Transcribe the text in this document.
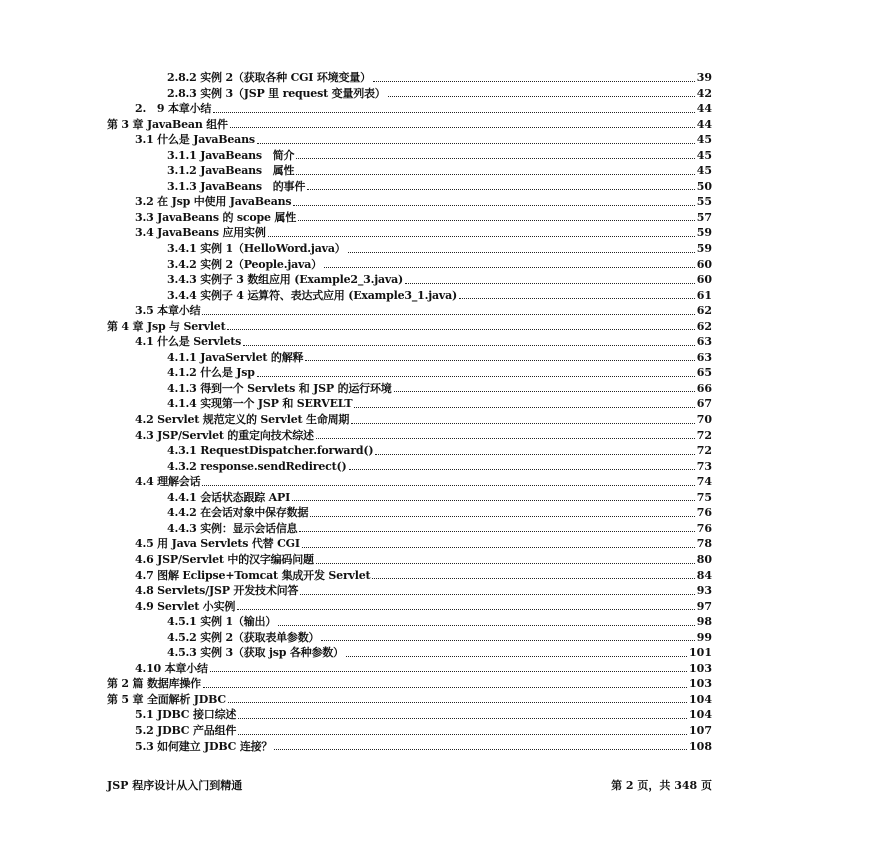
2.8.2 实例 2（获取各种 CGI 环境变量）	39
2.8.3 实例 3（JSP 里 request 变量列表）	42
2.　9 本章小结	44
第 3 章 JavaBean 组件	44
3.1 什么是 JavaBeans	45
3.1.1 JavaBeans　简介	45
3.1.2 JavaBeans　属性	45
3.1.3 JavaBeans　的事件	50
3.2 在 Jsp 中使用 JavaBeans	55
3.3 JavaBeans 的 scope 属性	57
3.4 JavaBeans 应用实例	59
3.4.1 实例 1（HelloWord.java）	59
3.4.2 实例 2（People.java）	60
3.4.3 实例子 3 数组应用 (Example2_3.java)	60
3.4.4 实例子 4 运算符、表达式应用 (Example3_1.java)	61
3.5 本章小结	62
第 4 章 Jsp 与 Servlet	62
4.1 什么是 Servlets	63
4.1.1 JavaServlet 的解释	63
4.1.2 什么是 Jsp	65
4.1.3 得到一个 Servlets 和 JSP 的运行环境	66
4.1.4 实现第一个 JSP 和 SERVELT	67
4.2 Servlet 规范定义的 Servlet 生命周期	70
4.3 JSP/Servlet 的重定向技术综述	72
4.3.1 RequestDispatcher.forward()	72
4.3.2 response.sendRedirect()	73
4.4 理解会话	74
4.4.1 会话状态跟踪 API	75
4.4.2 在会话对象中保存数据	76
4.4.3 实例：显示会话信息	76
4.5 用 Java Servlets 代替 CGI	78
4.6 JSP/Servlet 中的汉字编码问题	80
4.7 图解 Eclipse+Tomcat 集成开发 Servlet	84
4.8 Servlets/JSP 开发技术问答	93
4.9 Servlet 小实例	97
4.5.1 实例 1（输出）	98
4.5.2 实例 2（获取表单参数）	99
4.5.3 实例 3（获取 jsp 各种参数）	101
4.10 本章小结	103
第 2 篇 数据库操作	103
第 5 章 全面解析 JDBC	104
5.1 JDBC 接口综述	104
5.2 JDBC 产品组件	107
5.3 如何建立 JDBC 连接？	108
JSP 程序设计从入门到精通	第 2 页，共 348 页
